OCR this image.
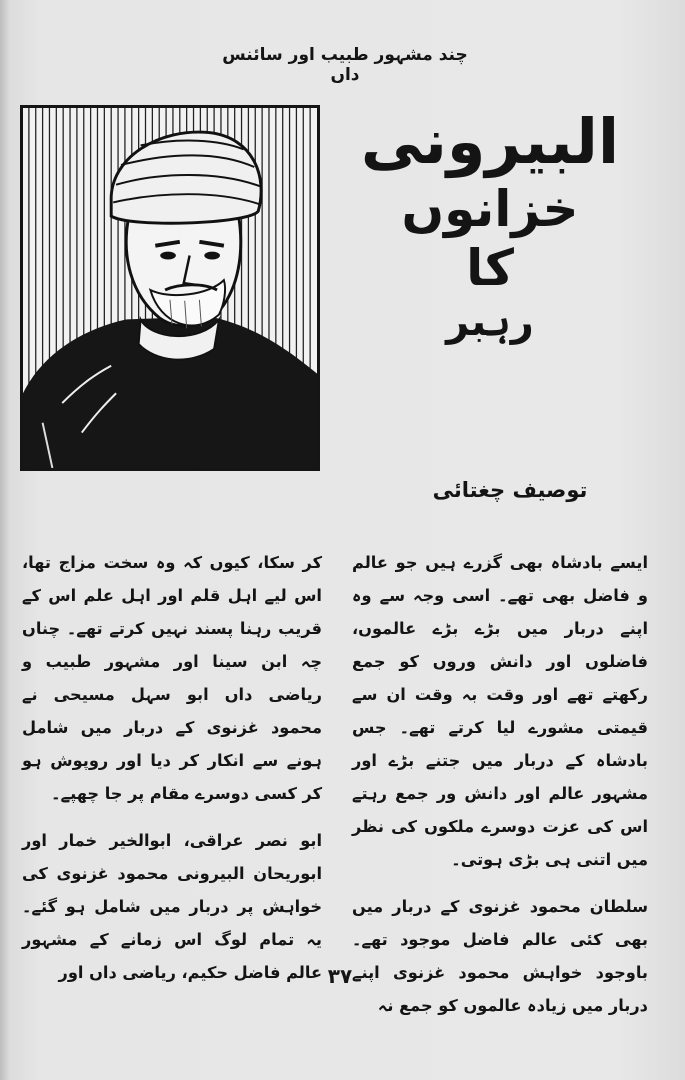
چند مشہور طبیب اور سائنس داں
البیرونی
خزانوں
کا
رہبر
توصیف چغتائی

ایسے بادشاہ بھی گزرے ہیں جو عالم و فاضل بھی تھے۔ اسی وجہ سے وہ اپنے دربار میں بڑے بڑے عالموں، فاضلوں اور دانش وروں کو جمع رکھتے تھے اور وقت بہ وقت ان سے قیمتی مشورے لیا کرتے تھے۔ جس بادشاہ کے دربار میں جتنے بڑے اور مشہور عالم اور دانش ور جمع رہتے اس کی عزت دوسرے ملکوں کی نظر میں اتنی ہی بڑی ہوتی۔

سلطان محمود غزنوی کے دربار میں بھی کئی عالم فاضل موجود تھے۔ باوجود خواہش محمود غزنوی اپنے دربار میں زیادہ عالموں کو جمع نہ

کر سکا، کیوں کہ وہ سخت مزاج تھا، اس لیے اہل قلم اور اہل علم اس کے قریب رہنا پسند نہیں کرتے تھے۔ چناں چہ ابن سینا اور مشہور طبیب و ریاضی داں ابو سہل مسیحی نے محمود غزنوی کے دربار میں شامل ہونے سے انکار کر دیا اور روپوش ہو کر کسی دوسرے مقام پر جا چھپے۔

ابو نصر عراقی، ابوالخیر خمار اور ابوریحان البیرونی محمود غزنوی کی خواہش پر دربار میں شامل ہو گئے۔ یہ تمام لوگ اس زمانے کے مشہور عالم فاضل حکیم، ریاضی داں اور ۳۷
